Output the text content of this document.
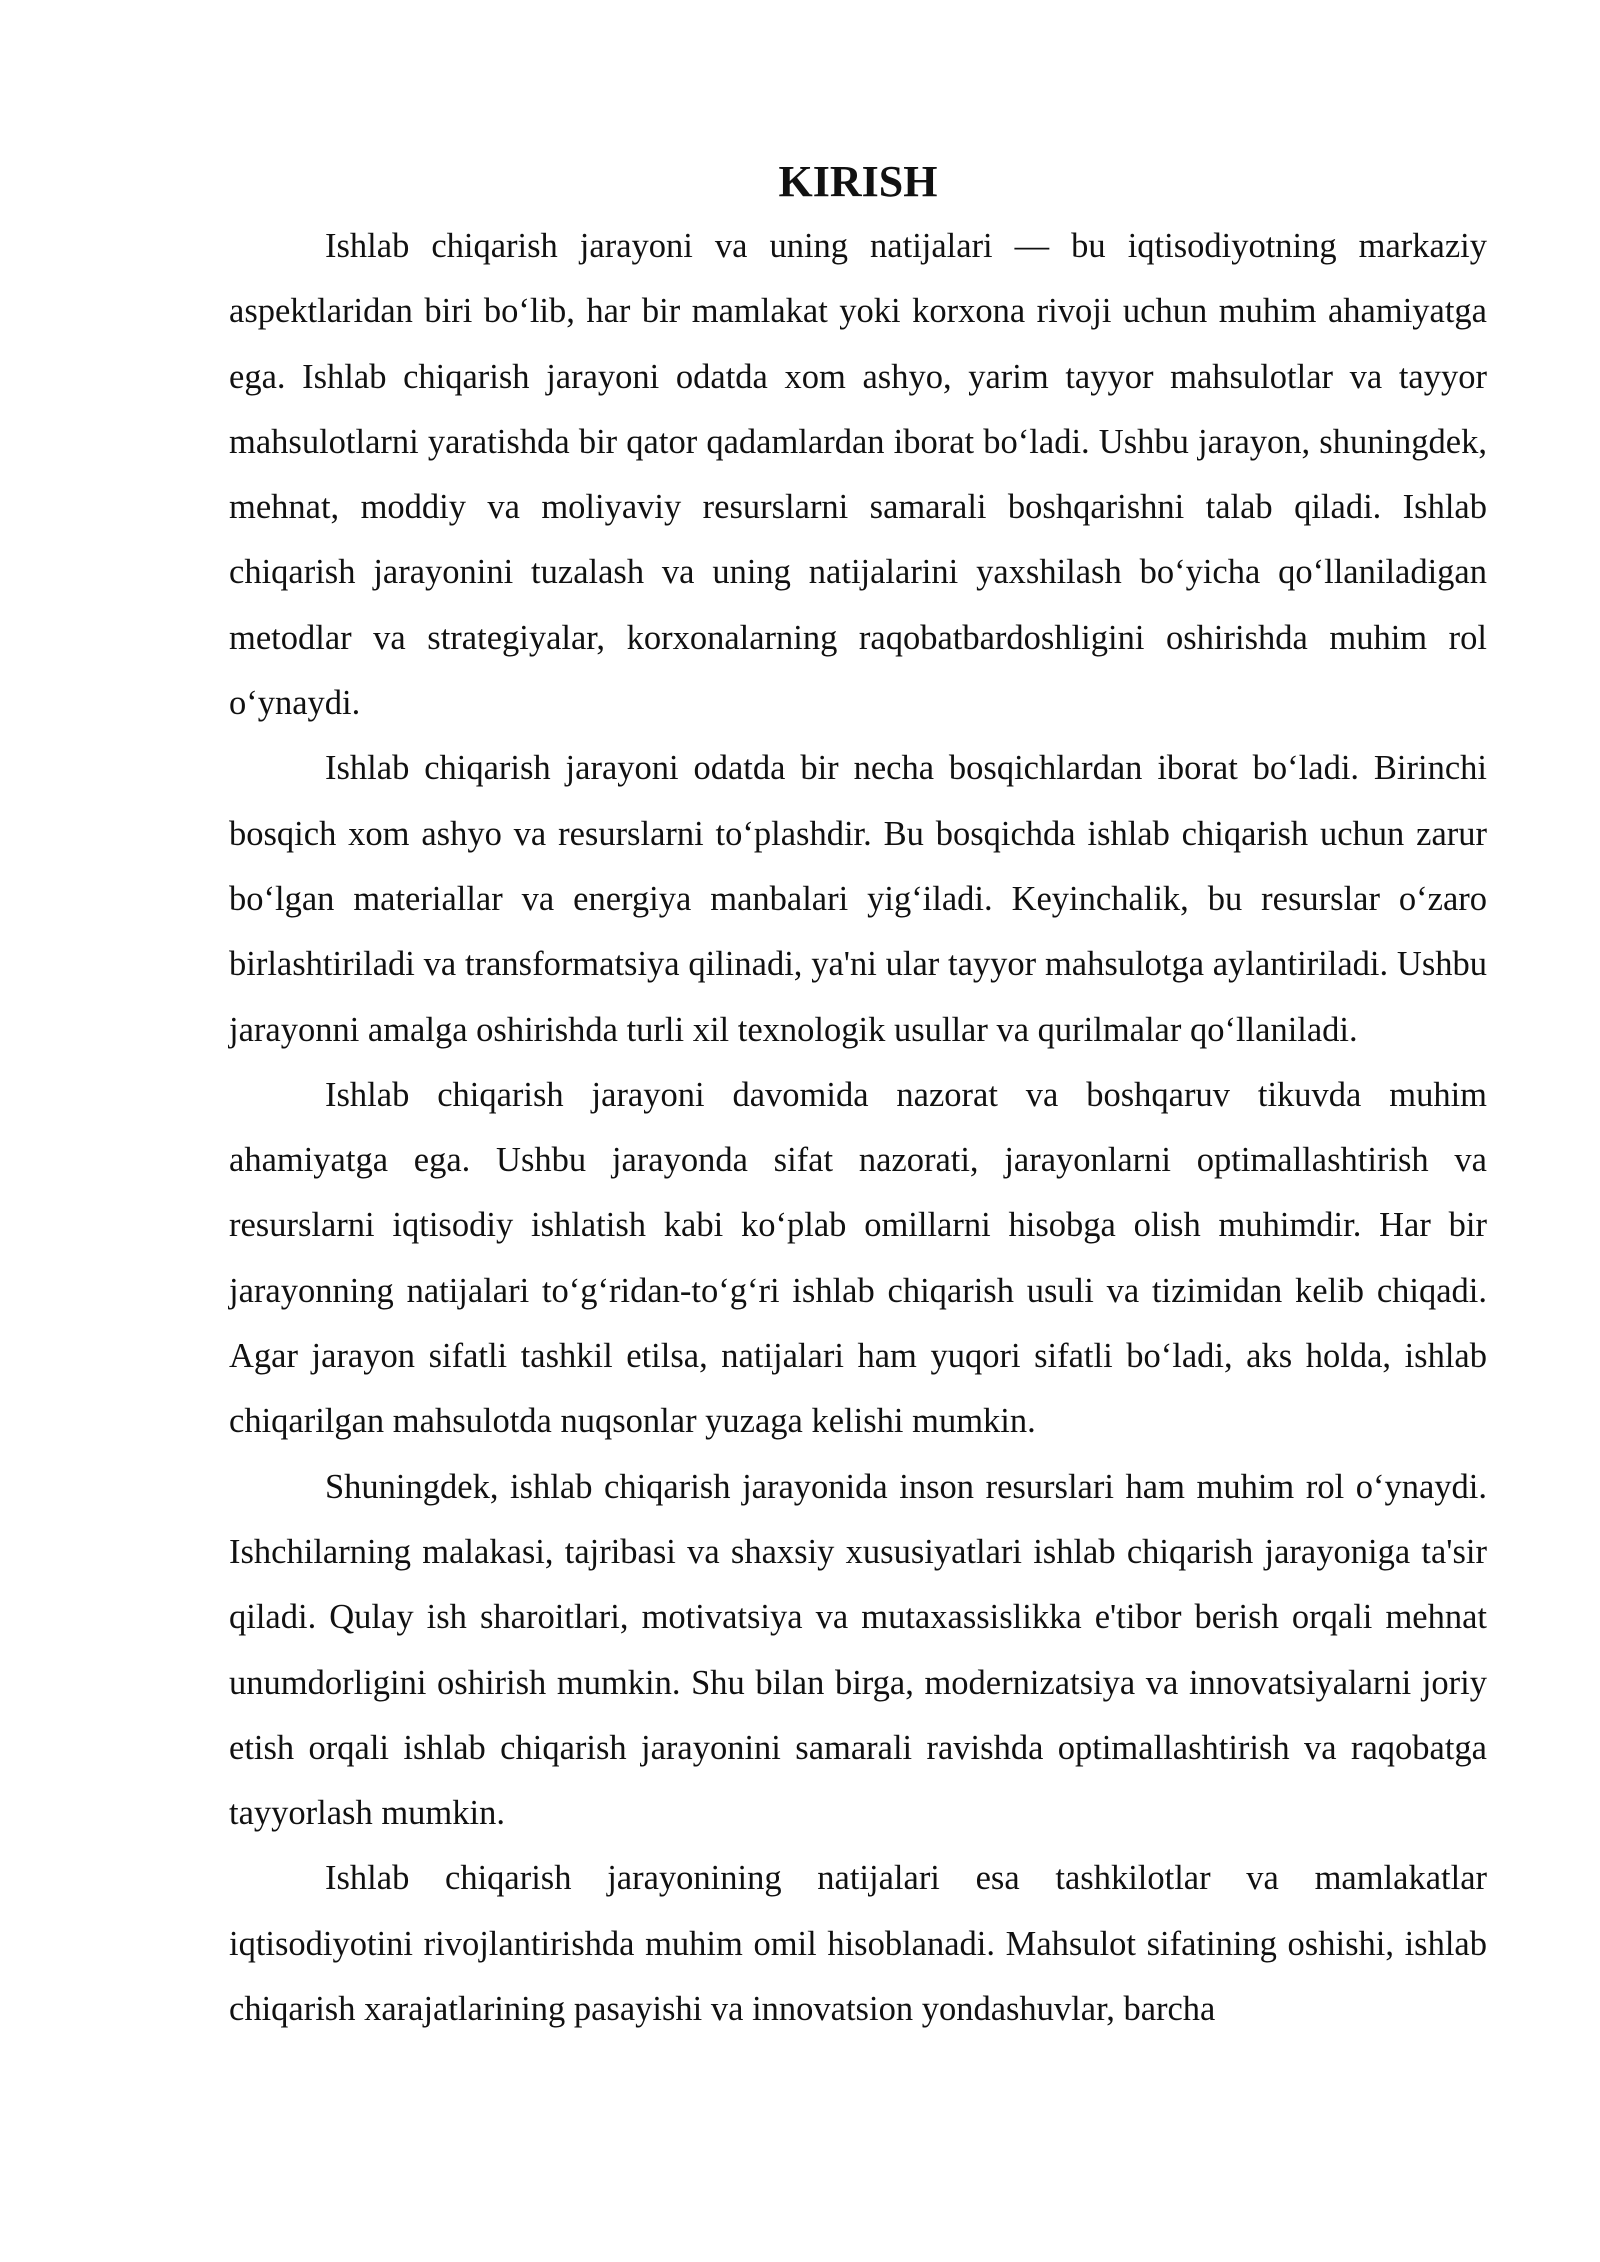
KIRISH

Ishlab chiqarish jarayoni va uning natijalari — bu iqtisodiyotning markaziy aspektlaridan biri bo‘lib, har bir mamlakat yoki korxona rivoji uchun muhim ahamiyatga ega. Ishlab chiqarish jarayoni odatda xom ashyo, yarim tayyor mahsulotlar va tayyor mahsulotlarni yaratishda bir qator qadamlardan iborat bo‘ladi. Ushbu jarayon, shuningdek, mehnat, moddiy va moliyaviy resurslarni samarali boshqarishni talab qiladi. Ishlab chiqarish jarayonini tuzalash va uning natijalarini yaxshilash bo‘yicha qo‘llaniladigan metodlar va strategiyalar, korxonalarning raqobatbardoshligini oshirishda muhim rol o‘ynaydi.

Ishlab chiqarish jarayoni odatda bir necha bosqichlardan iborat bo‘ladi. Birinchi bosqich xom ashyo va resurslarni to‘plashdir. Bu bosqichda ishlab chiqarish uchun zarur bo‘lgan materiallar va energiya manbalari yig‘iladi. Keyinchalik, bu resurslar o‘zaro birlashtiriladi va transformatsiya qilinadi, ya'ni ular tayyor mahsulotga aylantiriladi. Ushbu jarayonni amalga oshirishda turli xil texnologik usullar va qurilmalar qo‘llaniladi.

Ishlab chiqarish jarayoni davomida nazorat va boshqaruv tikuvda muhim ahamiyatga ega. Ushbu jarayonda sifat nazorati, jarayonlarni optimallashtirish va resurslarni iqtisodiy ishlatish kabi ko‘plab omillarni hisobga olish muhimdir. Har bir jarayonning natijalari to‘g‘ridan-to‘g‘ri ishlab chiqarish usuli va tizimidan kelib chiqadi. Agar jarayon sifatli tashkil etilsa, natijalari ham yuqori sifatli bo‘ladi, aks holda, ishlab chiqarilgan mahsulotda nuqsonlar yuzaga kelishi mumkin.

Shuningdek, ishlab chiqarish jarayonida inson resurslari ham muhim rol o‘ynaydi. Ishchilarning malakasi, tajribasi va shaxsiy xususiyatlari ishlab chiqarish jarayoniga ta'sir qiladi. Qulay ish sharoitlari, motivatsiya va mutaxassislikka e'tibor berish orqali mehnat unumdorligini oshirish mumkin. Shu bilan birga, modernizatsiya va innovatsiyalarni joriy etish orqali ishlab chiqarish jarayonini samarali ravishda optimallashtirish va raqobatga tayyorlash mumkin.

Ishlab chiqarish jarayonining natijalari esa tashkilotlar va mamlakatlar iqtisodiyotini rivojlantirishda muhim omil hisoblanadi. Mahsulot sifatining oshishi, ishlab chiqarish xarajatlarining pasayishi va innovatsion yondashuvlar, barcha
